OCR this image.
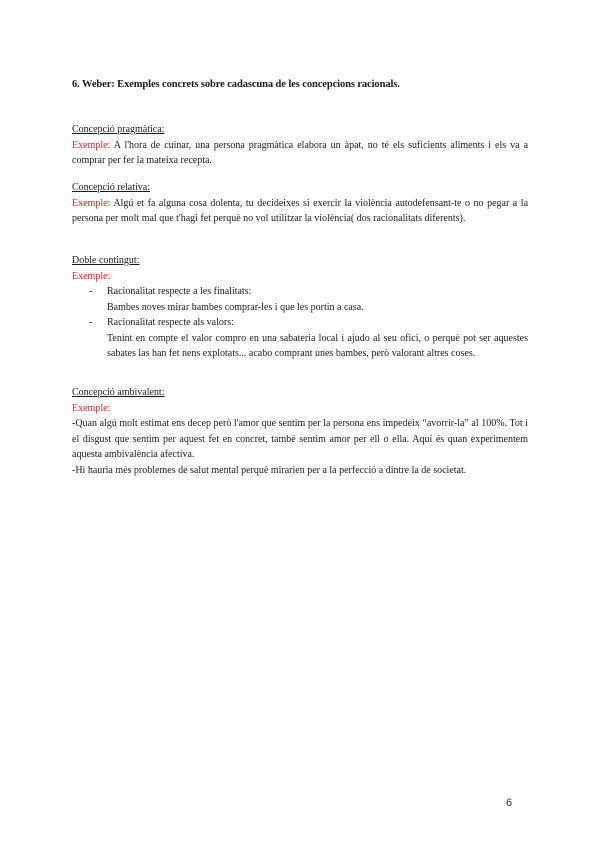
6. Weber: Exemples concrets sobre cadascuna de les concepcions racionals.
Concepció pragmàtica:
Exemple: A l'hora de cuinar, una persona pragmàtica elabora un àpat, no té els suficients aliments i els va a comprar per fer la mateixa recepta.
Concepció relativa:
Exemple: Algú et fa alguna cosa dolenta, tu decideixes si exercir la violència autodefensant-te o no pegar a la persona per molt mal que t'hagi fet perquè no vol utilitzar la violència( dos racionalitats diferents).
Doble contingut:
Exemple:
- Racionalitat respecte a les finalitats:
Bambes noves mirar bambes comprar-les i que les portin a casa.
- Racionalitat respecte als valors:
Tenint en compte el valor compro en una sabateria local i ajudo al seu ofici, o perquè pot ser aquestes sabates las han fet nens explotats... acabo comprant unes bambes, però valorant altres coses.
Concepció ambivalent:
Exemple:
-Quan algú molt estimat ens decep però l'amor que sentim per la persona ens impedeix “avorrir-la” al 100%. Tot i el disgust que sentim per aquest fet en concret, també sentim amor per ell o ella. Aquí és quan experimentem aquesta ambivalència afectiva.
-Hi hauria més problemes de salut mental perquè mirarien per a la perfecció a dintre la de societat.
6
